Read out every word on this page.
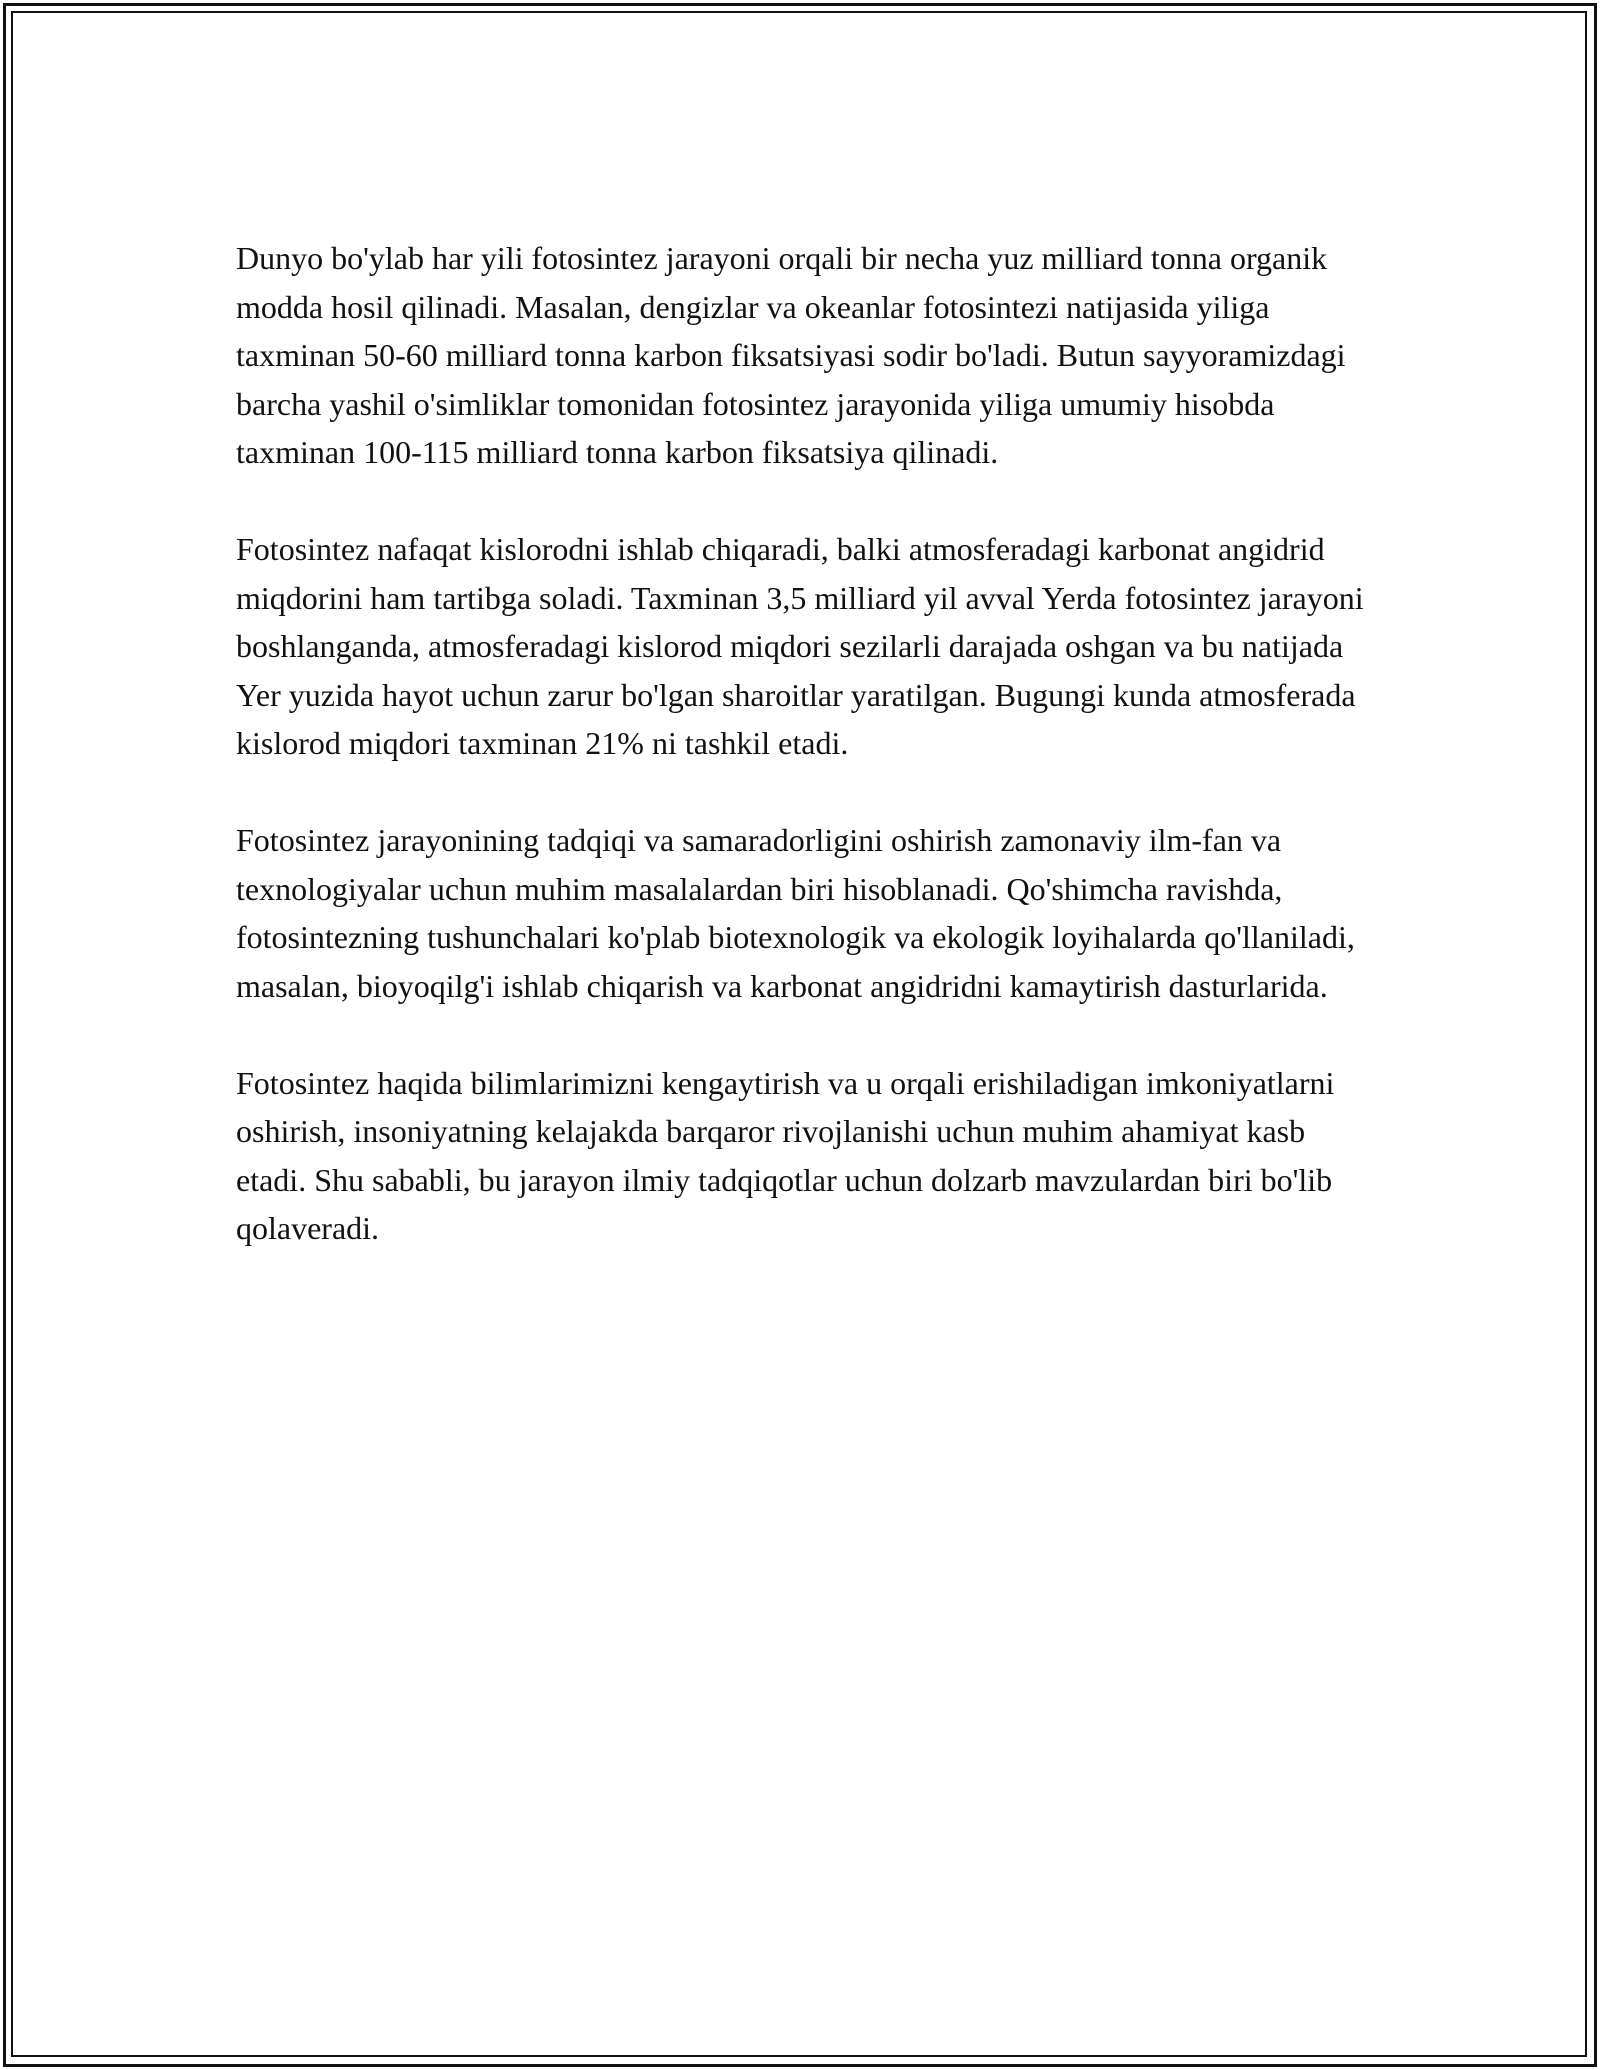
Dunyo bo'ylab har yili fotosintez jarayoni orqali bir necha yuz milliard tonna organik modda hosil qilinadi. Masalan, dengizlar va okeanlar fotosintezi natijasida yiliga taxminan 50-60 milliard tonna karbon fiksatsiyasi sodir bo'ladi. Butun sayyoramizdagi barcha yashil o'simliklar tomonidan fotosintez jarayonida yiliga umumiy hisobda taxminan 100-115 milliard tonna karbon fiksatsiya qilinadi.

Fotosintez nafaqat kislorodni ishlab chiqaradi, balki atmosferadagi karbonat angidrid miqdorini ham tartibga soladi. Taxminan 3,5 milliard yil avval Yerda fotosintez jarayoni boshlanganda, atmosferadagi kislorod miqdori sezilarli darajada oshgan va bu natijada Yer yuzida hayot uchun zarur bo'lgan sharoitlar yaratilgan. Bugungi kunda atmosferada kislorod miqdori taxminan 21% ni tashkil etadi.

Fotosintez jarayonining tadqiqi va samaradorligini oshirish zamonaviy ilm-fan va texnologiyalar uchun muhim masalalardan biri hisoblanadi. Qo'shimcha ravishda, fotosintezning tushunchalari ko'plab biotexnologik va ekologik loyihalarda qo'llaniladi, masalan, bioyoqilg'i ishlab chiqarish va karbonat angidridni kamaytirish dasturlarida.

Fotosintez haqida bilimlarimizni kengaytirish va u orqali erishiladigan imkoniyatlarni oshirish, insoniyatning kelajakda barqaror rivojlanishi uchun muhim ahamiyat kasb etadi. Shu sababli, bu jarayon ilmiy tadqiqotlar uchun dolzarb mavzulardan biri bo'lib qolaveradi.
